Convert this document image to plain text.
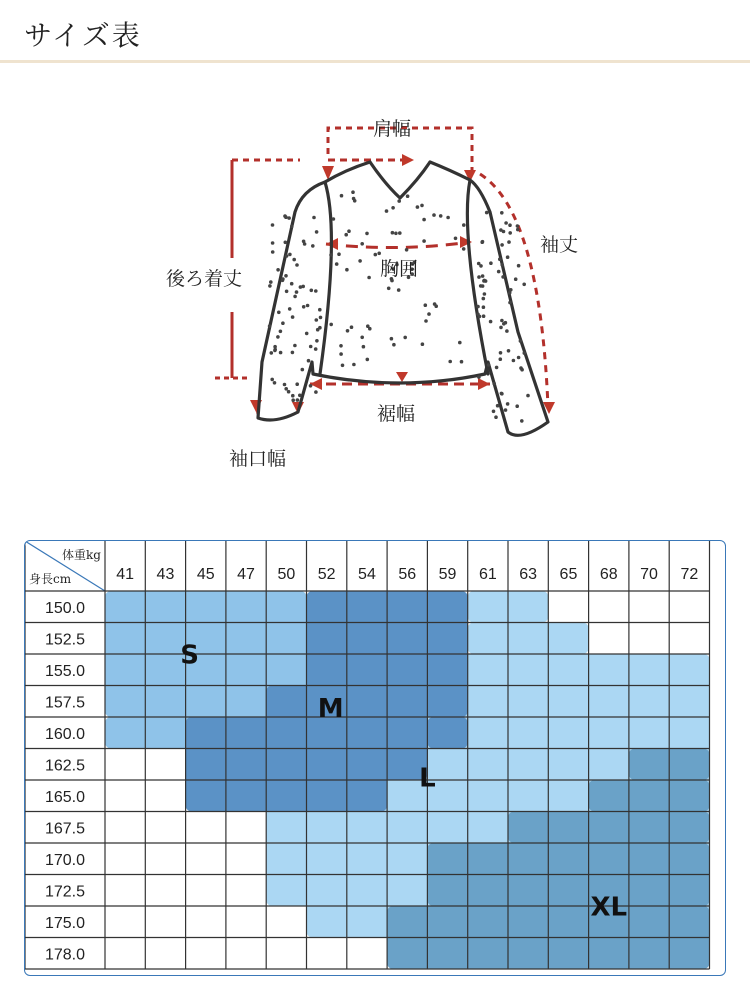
サイズ表
肩幅
袖丈
後ろ着丈	胸囲
裾幅
袖口幅
体重kg
身長cm	41 43 45 47 50 52 54 56 59 61 63 65 68 70 72
150.0
152.5
155.0
157.5
160.0
162.5
165.0
167.5
170.0
172.5
175.0
178.0
S
M
L
XL
